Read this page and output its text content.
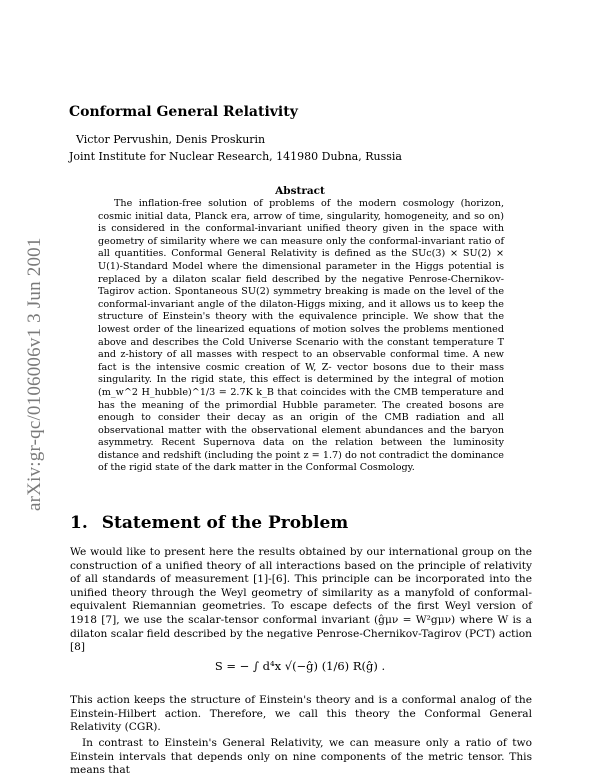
arXiv:gr-qc/0106006v1 3 Jun 2001
Conformal General Relativity
Victor Pervushin, Denis Proskurin
Joint Institute for Nuclear Research, 141980 Dubna, Russia
Abstract
The inflation-free solution of problems of the modern cosmology (horizon, cosmic initial data, Planck era, arrow of time, singularity, homogeneity, and so on) is considered in the conformal-invariant unified theory given in the space with geometry of similarity where we can measure only the conformal-invariant ratio of all quantities. Conformal General Relativity is defined as the SUc(3) × SU(2) × U(1)-Standard Model where the dimensional parameter in the Higgs potential is replaced by a dilaton scalar field described by the negative Penrose-Chernikov-Tagirov action. Spontaneous SU(2) symmetry breaking is made on the level of the conformal-invariant angle of the dilaton-Higgs mixing, and it allows us to keep the structure of Einstein's theory with the equivalence principle. We show that the lowest order of the linearized equations of motion solves the problems mentioned above and describes the Cold Universe Scenario with the constant temperature T and z-history of all masses with respect to an observable conformal time. A new fact is the intensive cosmic creation of W, Z- vector bosons due to their mass singularity. In the rigid state, this effect is determined by the integral of motion (m_w^2 H_hubble)^1/3 = 2.7K k_B that coincides with the CMB temperature and has the meaning of the primordial Hubble parameter. The created bosons are enough to consider their decay as an origin of the CMB radiation and all observational matter with the observational element abundances and the baryon asymmetry. Recent Supernova data on the relation between the luminosity distance and redshift (including the point z = 1.7) do not contradict the dominance of the rigid state of the dark matter in the Conformal Cosmology.
1. Statement of the Problem
We would like to present here the results obtained by our international group on the construction of a unified theory of all interactions based on the principle of relativity of all standards of measurement [1]-[6]. This principle can be incorporated into the unified theory through the Weyl geometry of similarity as a manyfold of conformal-equivalent Riemannian geometries. To escape defects of the first Weyl version of 1918 [7], we use the scalar-tensor conformal invariant (ĝμν = W²gμν) where W is a dilaton scalar field described by the negative Penrose-Chernikov-Tagirov (PCT) action [8]
S = − ∫ d⁴x √(−ĝ) (1/6) R(ĝ) .
This action keeps the structure of Einstein's theory and is a conformal analog of the Einstein-Hilbert action. Therefore, we call this theory the Conformal General Relativity (CGR).
In contrast to Einstein's General Relativity, we can measure only a ratio of two Einstein intervals that depends only on nine components of the metric tensor. This means that
